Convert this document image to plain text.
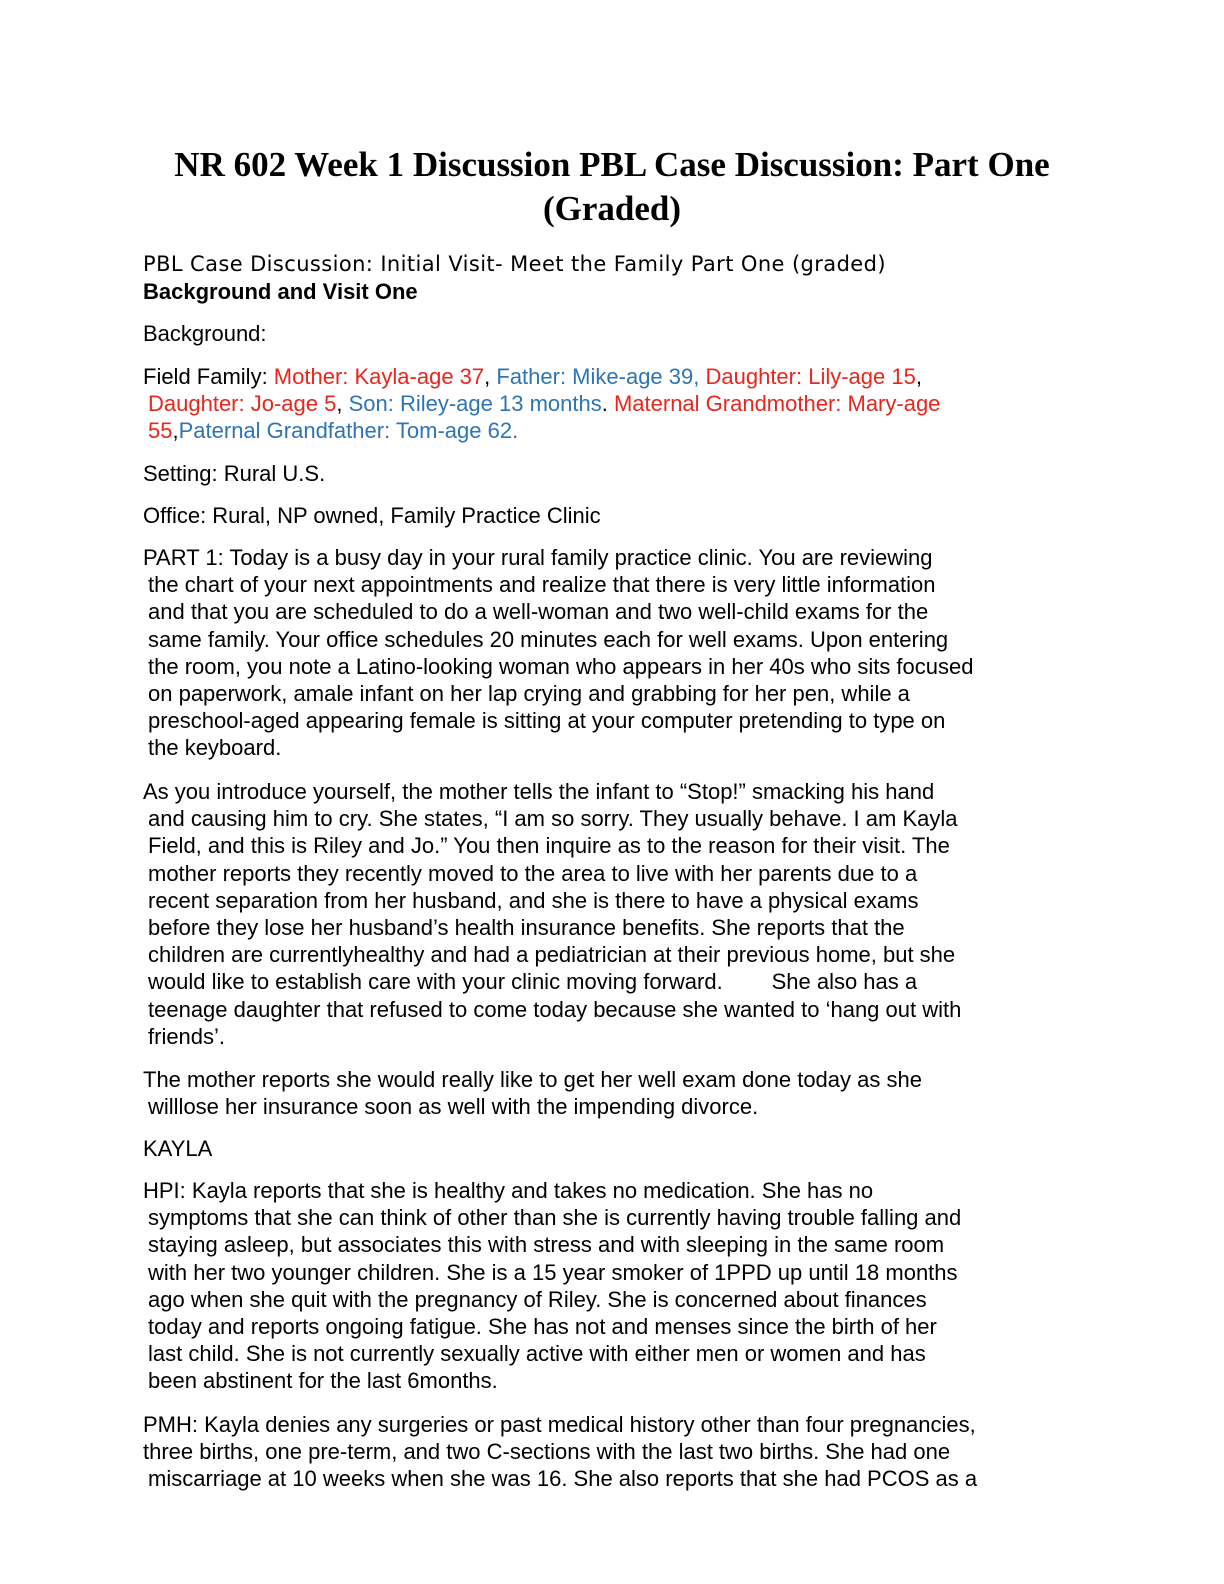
NR 602 Week 1 Discussion PBL Case Discussion: Part One
(Graded)
PBL Case Discussion: Initial Visit- Meet the Family Part One (graded)
Background and Visit One
Background:
Field Family: Mother: Kayla-age 37, Father: Mike-age 39, Daughter: Lily-age 15,
Daughter: Jo-age 5, Son: Riley-age 13 months. Maternal Grandmother: Mary-age
55,Paternal Grandfather: Tom-age 62.
Setting: Rural U.S.
Office: Rural, NP owned, Family Practice Clinic
PART 1: Today is a busy day in your rural family practice clinic. You are reviewing
the chart of your next appointments and realize that there is very little information
and that you are scheduled to do a well-woman and two well-child exams for the
same family. Your office schedules 20 minutes each for well exams. Upon entering
the room, you note a Latino-looking woman who appears in her 40s who sits focused
on paperwork, amale infant on her lap crying and grabbing for her pen, while a
preschool-aged appearing female is sitting at your computer pretending to type on
the keyboard.
As you introduce yourself, the mother tells the infant to “Stop!” smacking his hand
and causing him to cry. She states, “I am so sorry. They usually behave. I am Kayla
Field, and this is Riley and Jo.” You then inquire as to the reason for their visit. The
mother reports they recently moved to the area to live with her parents due to a
recent separation from her husband, and she is there to have a physical exams
before they lose her husband’s health insurance benefits. She reports that the
children are currentlyhealthy and had a pediatrician at their previous home, but she
would like to establish care with your clinic moving forward.        She also has a
teenage daughter that refused to come today because she wanted to ‘hang out with
friends’.
The mother reports she would really like to get her well exam done today as she
willlose her insurance soon as well with the impending divorce.
KAYLA
HPI: Kayla reports that she is healthy and takes no medication. She has no
symptoms that she can think of other than she is currently having trouble falling and
staying asleep, but associates this with stress and with sleeping in the same room
with her two younger children. She is a 15 year smoker of 1PPD up until 18 months
ago when she quit with the pregnancy of Riley. She is concerned about finances
today and reports ongoing fatigue. She has not and menses since the birth of her
last child. She is not currently sexually active with either men or women and has
been abstinent for the last 6months.
PMH: Kayla denies any surgeries or past medical history other than four pregnancies,
three births, one pre-term, and two C-sections with the last two births. She had one
miscarriage at 10 weeks when she was 16. She also reports that she had PCOS as a
